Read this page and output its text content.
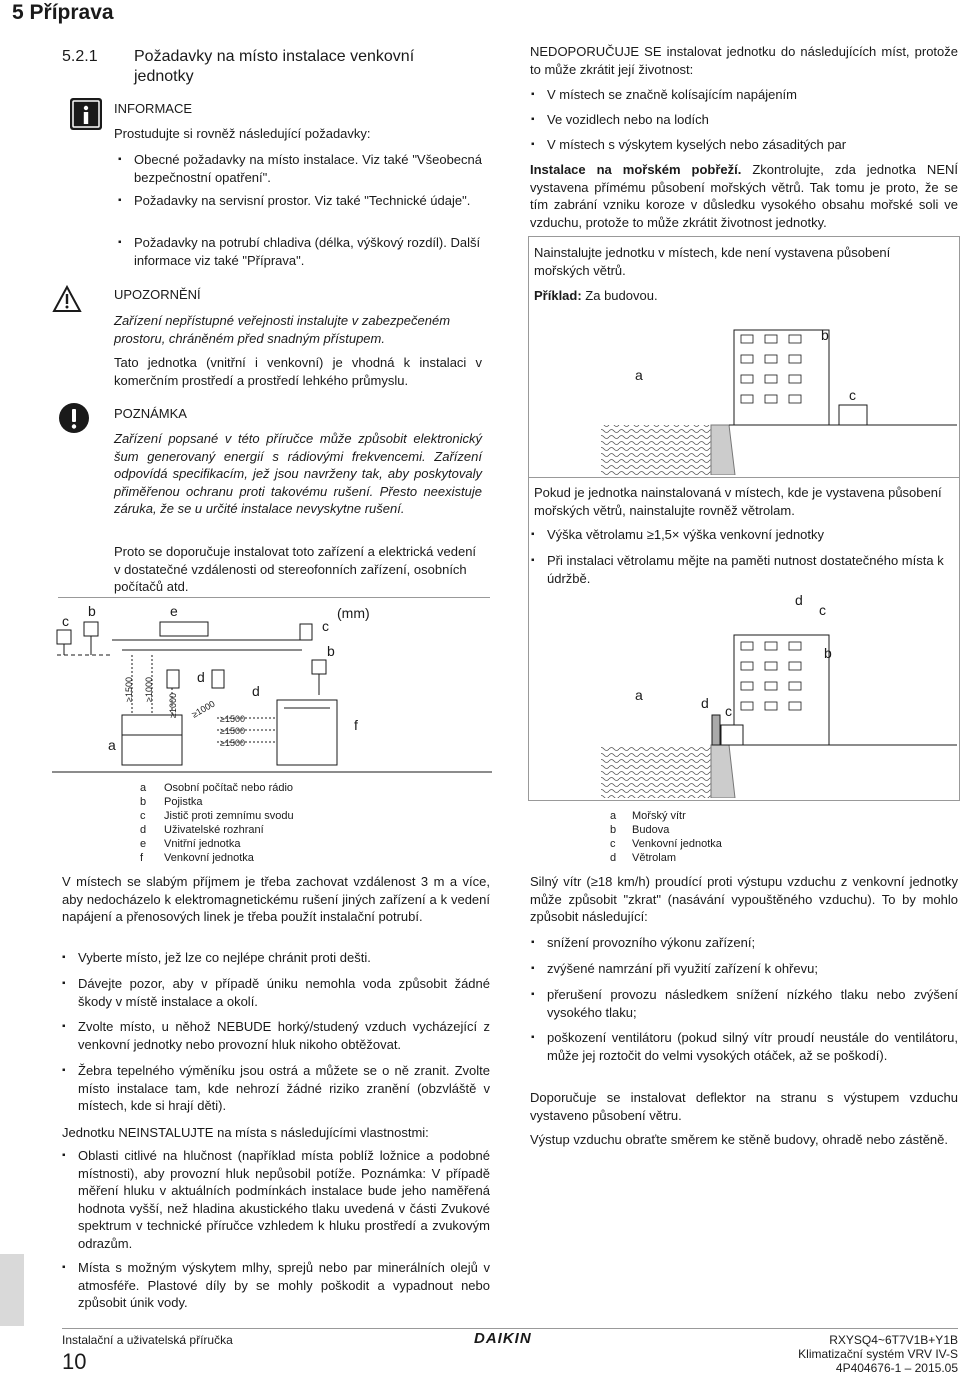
5 Příprava
5.2.1 Požadavky na místo instalace venkovní jednotky
INFORMACE
Prostudujte si rovněž následující požadavky:
▪ Obecné požadavky na místo instalace. Viz také "Všeobecná bezpečnostní opatření".
▪ Požadavky na servisní prostor. Viz také "Technické údaje".
▪ Požadavky na potrubí chladiva (délka, výškový rozdíl). Další informace viz také "Příprava".
UPOZORNĚNÍ
Zařízení nepřístupné veřejnosti instalujte v zabezpečeném prostoru, chráněném před snadným přístupem.
Tato jednotka (vnitřní i venkovní) je vhodná k instalaci v komerčním prostředí a prostředí lehkého průmyslu.
POZNÁMKA
Zařízení popsané v této příručce může způsobit elektronický šum generovaný energií s rádiovými frekvencemi. Zařízení odpovídá specifikacím, jež jsou navrženy tak, aby poskytovaly přiměřenou ochranu proti takovému rušení. Přesto neexistuje záruka, že se u určité instalace nevyskytne rušení.
Proto se doporučuje instalovat toto zařízení a elektrická vedení v dostatečné vzdálenosti od stereofonních zařízení, osobních počítačů atd.
c
b	e
c
(mm)
b
d
d
a
f
≥1500 ≥1000
≥1000 ≥1000 ≥1500
≥1500
≥1500
a Osobní počítač nebo rádio
b Pojistka
c Jistič proti zemnímu svodu
d Uživatelské rozhraní
e Vnitřní jednotka
f Venkovní jednotka
V místech se slabým příjmem je třeba zachovat vzdálenost 3 m a více, aby nedocházelo k elektromagnetickému rušení jiných zařízení a k vedení napájení a přenosových linek je třeba použít instalační potrubí.
▪ Vyberte místo, jež lze co nejlépe chránit proti dešti.
▪ Dávejte pozor, aby v případě úniku nemohla voda způsobit žádné škody v místě instalace a okolí.
▪ Zvolte místo, u něhož NEBUDE horký/studený vzduch vycházející z venkovní jednotky nebo provozní hluk nikoho obtěžovat.
▪ Žebra tepelného výměníku jsou ostrá a můžete se o ně zranit. Zvolte místo instalace tam, kde nehrozí žádné riziko zranění (obzvláště v místech, kde si hrají děti).
Jednotku NEINSTALUJTE na místa s následujícími vlastnostmi:
▪ Oblasti citlivé na hlučnost (například místa poblíž ložnice a podobné místnosti), aby provozní hluk nepůsobil potíže. Poznámka: V případě měření hluku v aktuálních podmínkách instalace bude jeho naměřená hodnota vyšší, než hladina akustického tlaku uvedená v části Zvukové spektrum v technické příručce vzhledem k hluku prostředí a zvukovým odrazům.
▪ Místa s možným výskytem mlhy, sprejů nebo par minerálních olejů v atmosféře. Plastové díly by se mohly poškodit a vypadnout nebo způsobit únik vody.
NEDOPORUČUJE SE instalovat jednotku do následujících míst, protože to může zkrátit její životnost:
▪ V místech se značně kolísajícím napájením
▪ Ve vozidlech nebo na lodích
▪ V místech s výskytem kyselých nebo zásaditých par
Instalace na mořském pobřeží. Zkontrolujte, zda jednotka NENÍ vystavena přímému působení mořských větrů. Tak tomu je proto, že se tím zabrání vzniku koroze v důsledku vysokého obsahu mořské soli ve vzduchu, protože to může zkrátit životnost jednotky.
Nainstalujte jednotku v místech, kde není vystavena působení mořských větrů.
Příklad: Za budovou.
a
b
c
Pokud je jednotka nainstalovaná v místech, kde je vystavena působení mořských větrů, nainstalujte rovněž větrolam.
▪ Výška větrolamu ≥1,5× výška venkovní jednotky
▪ Při instalaci větrolamu mějte na paměti nutnost dostatečného místa k údržbě.
d
c
b
a	d c
a Mořský vítr
b Budova
c Venkovní jednotka
d Větrolam
Silný vítr (≥18 km/h) proudící proti výstupu vzduchu z venkovní jednotky může způsobit "zkrat" (nasávání vypouštěného vzduchu). To by mohlo způsobit následující:
▪ snížení provozního výkonu zařízení;
▪ zvýšené namrzání při využití zařízení k ohřevu;
▪ přerušení provozu následkem snížení nízkého tlaku nebo zvýšení vysokého tlaku;
▪ poškození ventilátoru (pokud silný vítr proudí neustále do ventilátoru, může jej roztočit do velmi vysokých otáček, až se poškodí).
Doporučuje se instalovat deflektor na stranu s výstupem vzduchu vystaveno působení větru.
Výstup vzduchu obraťte směrem ke stěně budovy, ohradě nebo zástěně.
Instalační a uživatelská příručka
10
DAIKIN	RXYSQ4~6T7V1B+Y1B
Klimatizační systém VRV IV-S
4P404676-1 – 2015.05
